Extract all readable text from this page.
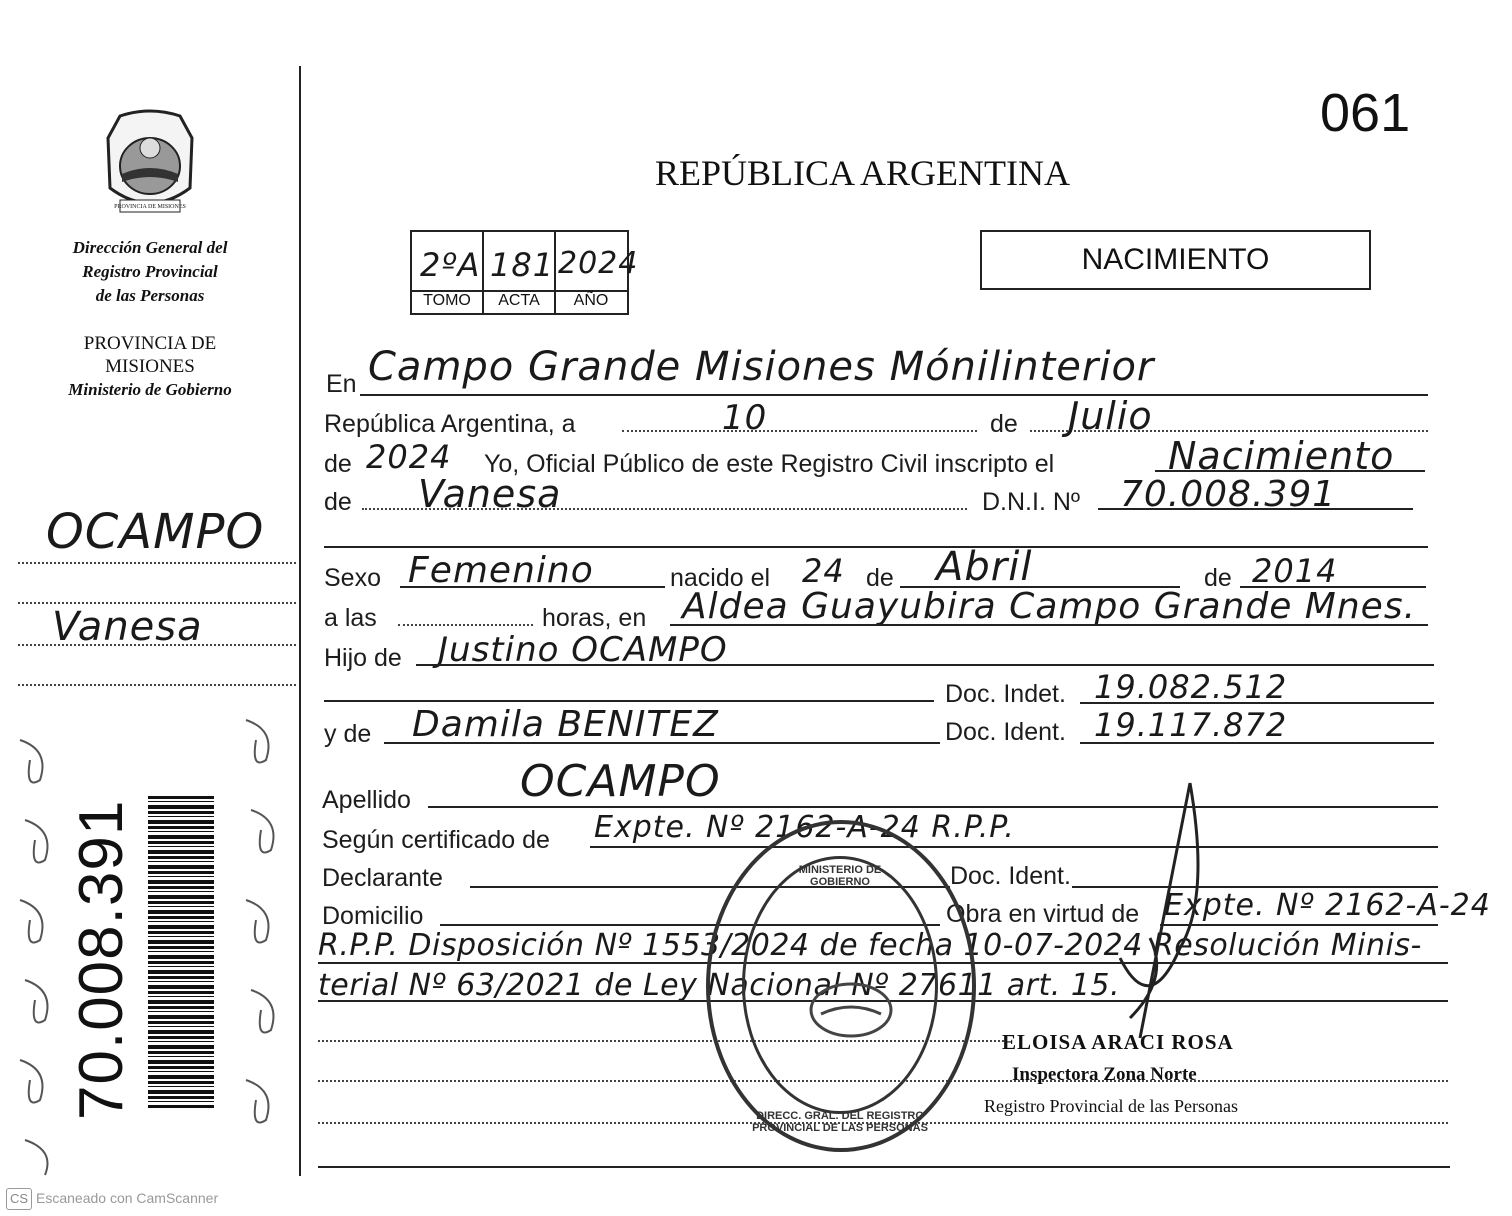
PROVINCIA DE MISIONES
Dirección General del
Registro Provincial
de las Personas
PROVINCIA DE
MISIONES
Ministerio de Gobierno
OCAMPO
Vanesa
70.008.391
061
REPÚBLICA ARGENTINA
NACIMIENTO
2ºA 181 2024
TOMO	ACTA	AÑO
En Campo Grande Misiones Mónilinterior
República Argentina, a	10	de Julio
de 2024 Yo, Oficial Público de este Registro Civil inscripto el	Nacimiento
de Vanesa	D.N.I. Nº 70.008.391
Sexo Femenino	nacido el 24 de Abril	de 2014
a las	horas, en Aldea Guayubira Campo Grande Mnes.
Hijo de Justino OCAMPO
Doc. Indet. 19.082.512
y de Damila BENITEZ	Doc. Ident. 19.117.872
Apellido OCAMPO
Según certificado de Expte. Nº 2162-A-24 R.P.P.
Declarante	Doc. Ident.
Domicilio	Obra en virtud de Expte. Nº 2162-A-24
R.P.P. Disposición Nº 1553/2024 de fecha 10-07-2024 Resolución Minis-
terial Nº 63/2021 de Ley Nacional Nº 27611 art. 15.
DIRECC. GRAL. DEL REGISTRO PROVINCIAL DE LAS PERSONAS
MINISTERIO DE GOBIERNO
ELOISA ARACI ROSA
Inspectora Zona Norte
Registro Provincial de las Personas
CS Escaneado con CamScanner
